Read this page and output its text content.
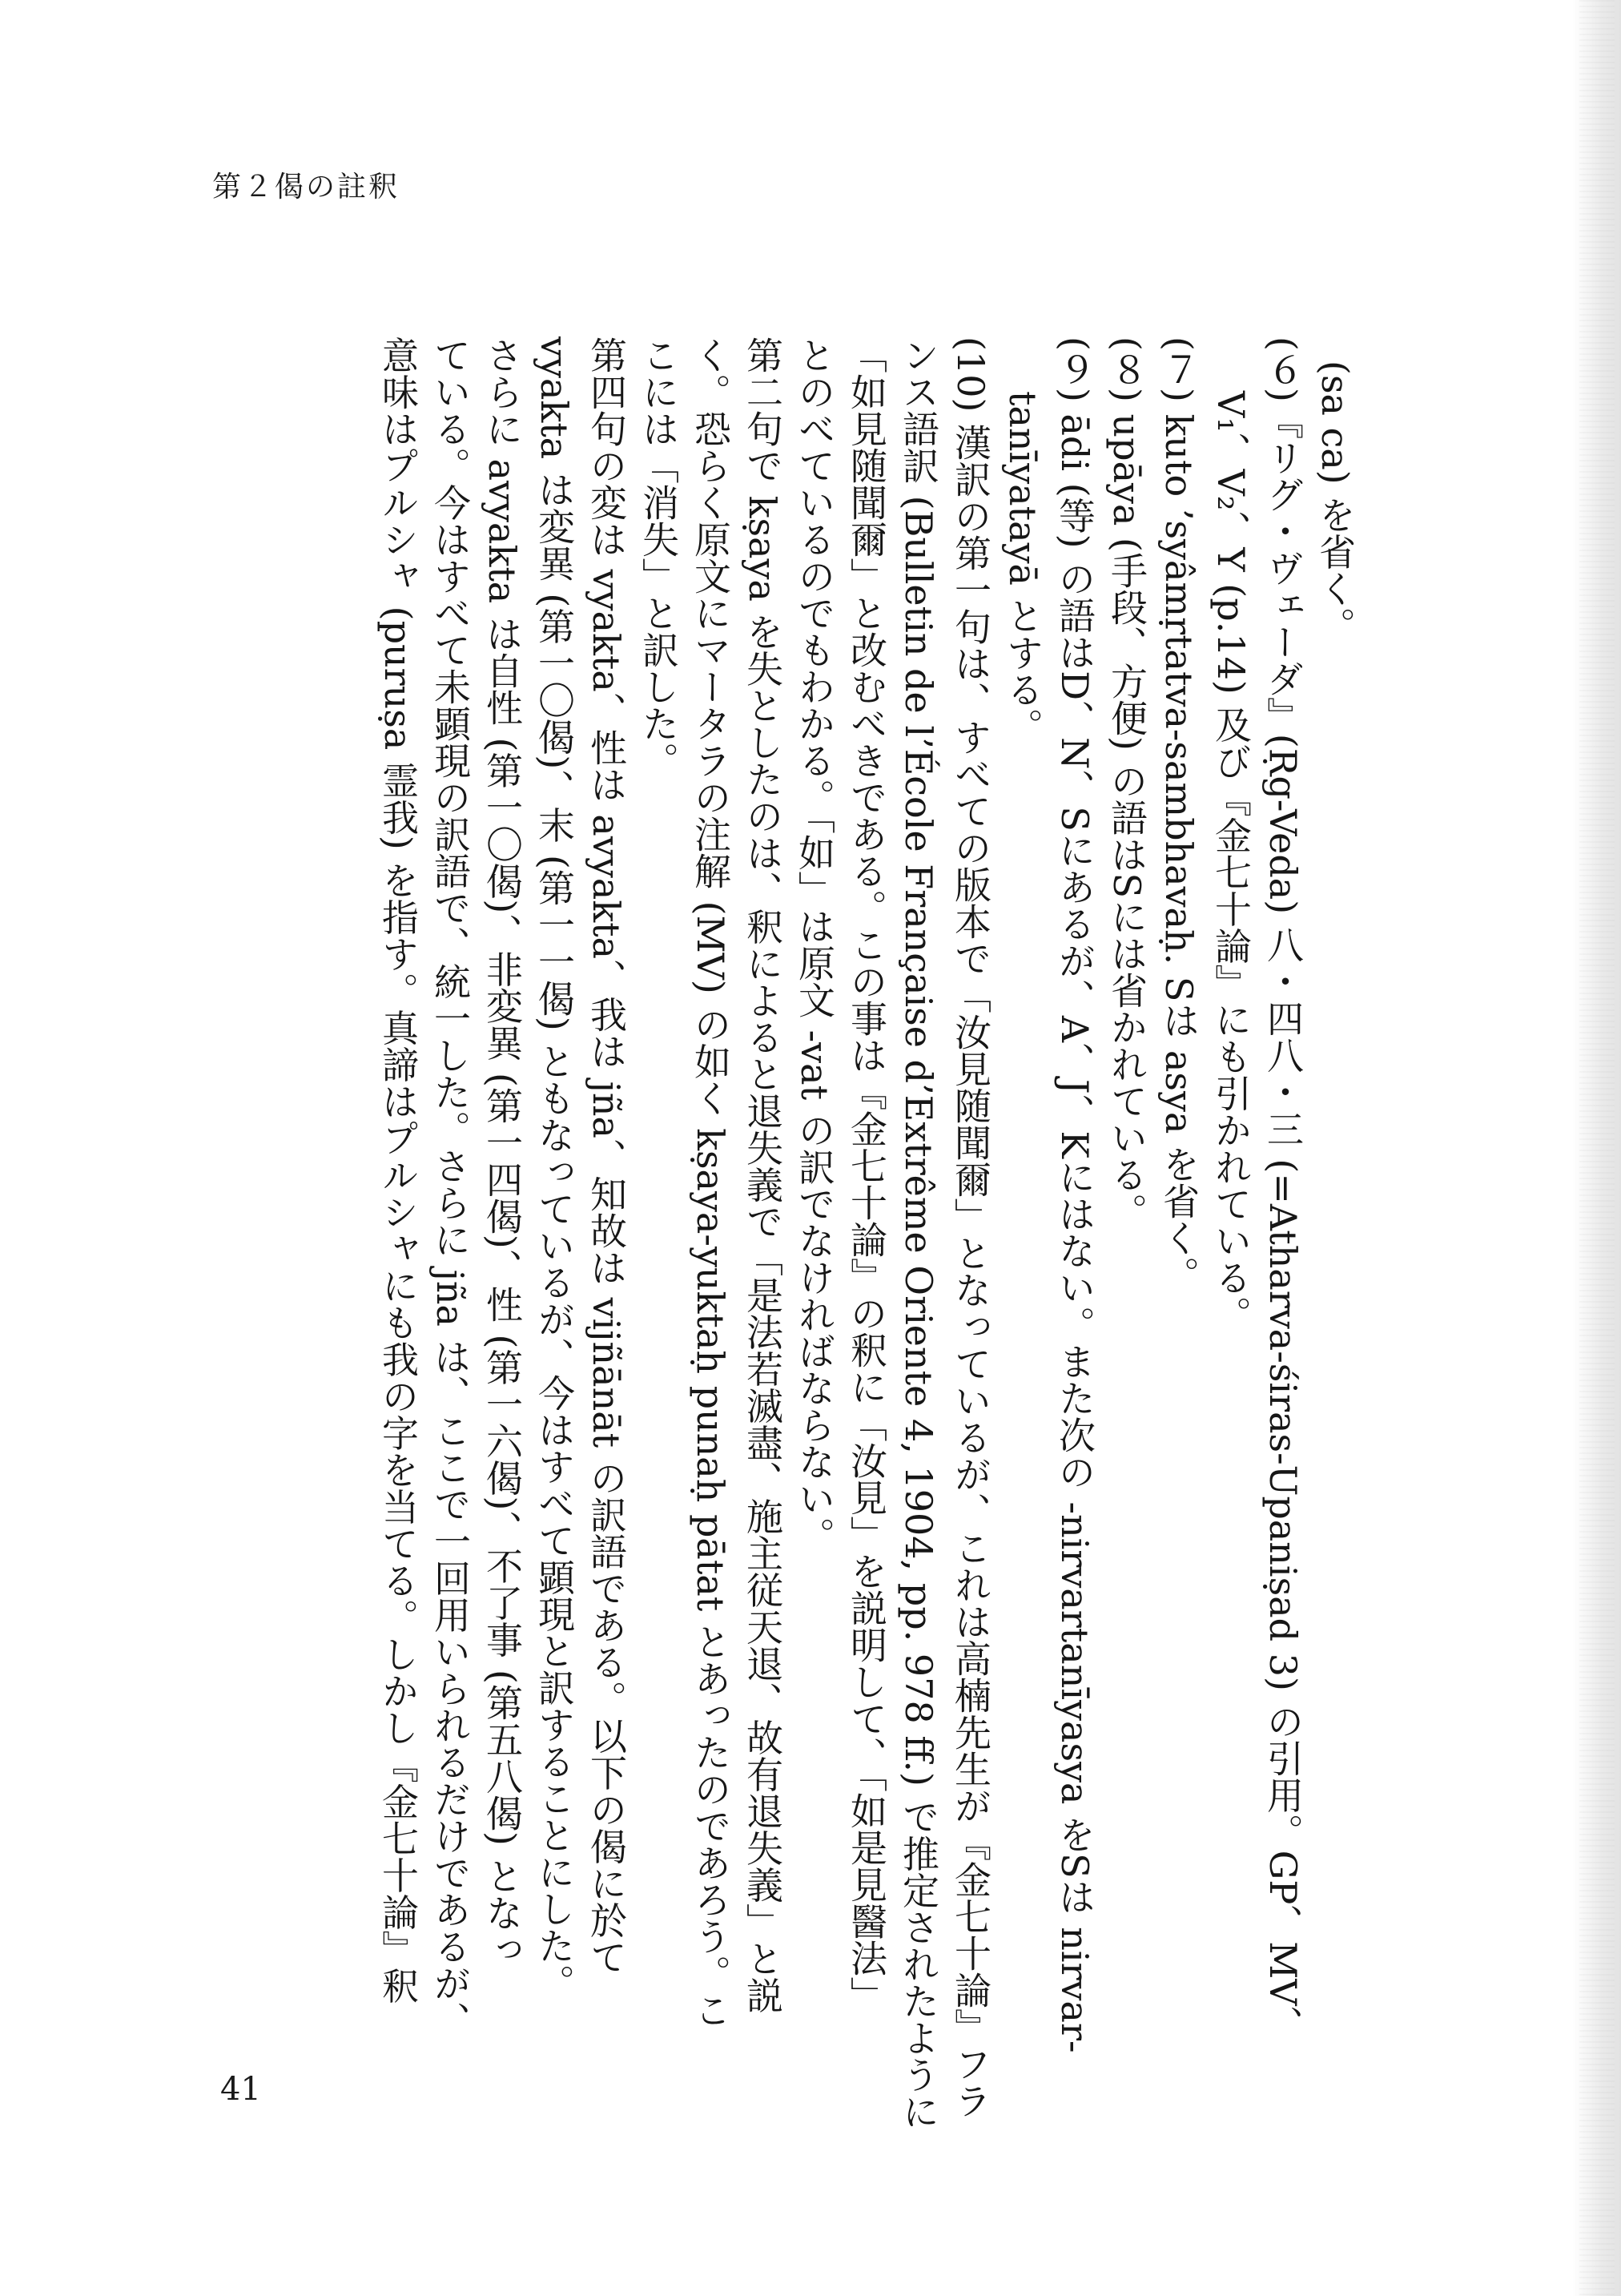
第２偈の註釈
(sa ca) を省く。
(６)『リグ・ヴェーダ』(Ṛg-Veda) 八・四八・三 (=Atharva-śiras-Upaniṣad 3) の引用。GP、MV、
V₁、V₂、Y (p.14) 及び『金七十論』にも引かれている。
(７) kuto ’syâmṛtatva-sambhavaḥ. Sは asya を省く。
(８) upāya (手段、方便) の語はSには省かれている。
(９) ādi (等) の語はD、N、Sにあるが、A、J、Kにはない。また次の -nirvartanīyasya をSは nirvar-
tanīyatayā とする。
(10) 漢訳の第一句は、すべての版本で「汝見随聞爾」となっているが、これは高楠先生が『金七十論』フラ
ンス語訳 (Bulletin de l’École Française d’Extrême Oriente 4, 1904, pp. 978 ff.) で推定されたように
「如見随聞爾」と改むべきである。この事は『金七十論』の釈に「汝見」を説明して、「如是見醫法」
とのべているのでもわかる。「如」は原文 -vat の訳でなければならない。
第二句で kṣaya を失としたのは、釈によると退失義で「是法若滅盡、施主従天退、故有退失義」と説
く。恐らく原文にマータラの注解 (MV) の如く kṣaya-yuktaḥ punaḥ pātat とあったのであろう。こ
こには「消失」と訳した。
第四句の変は vyakta、性は avyakta、我は jña、知故は vijñānāt の訳語である。以下の偈に於て
vyakta は変異 (第一〇偈)、末 (第一一偈) ともなっているが、今はすべて顕現と訳することにした。
さらに avyakta は自性 (第一〇偈)、非変異 (第一四偈)、性 (第一六偈)、不了事 (第五八偈) となっ
ている。今はすべて未顕現の訳語で、統一した。さらに jña は、ここで一回用いられるだけであるが、
意味はプルシャ (puruṣa 霊我) を指す。真諦はプルシャにも我の字を当てる。しかし『金七十論』釈
41
